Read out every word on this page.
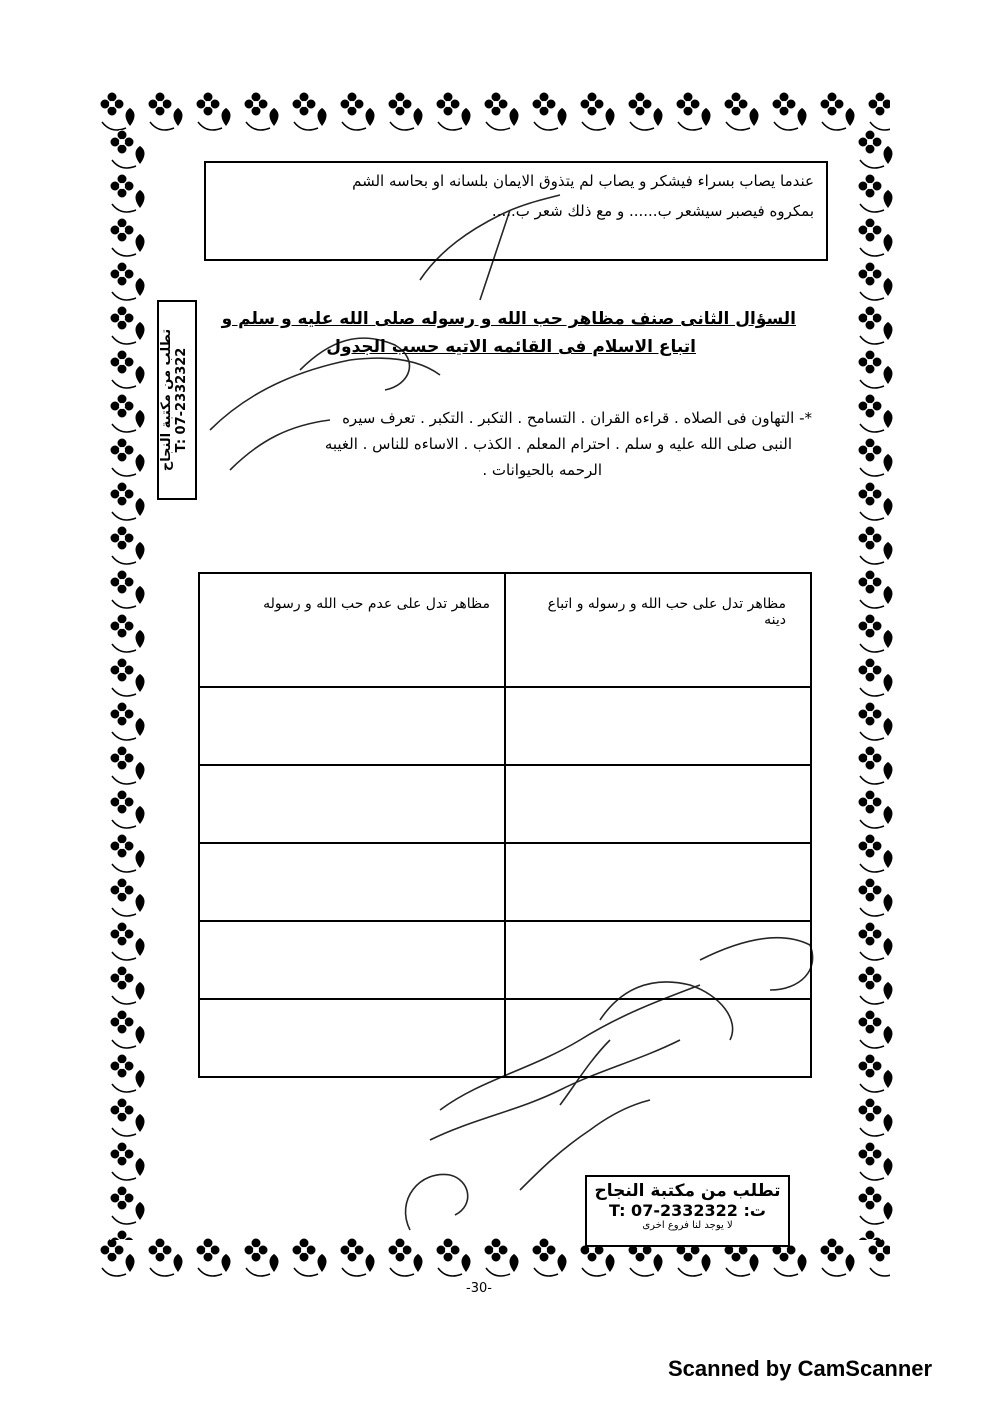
عندما يصاب بسراء فيشكر و يصاب لم يتذوق الايمان بلسانه او بحاسه الشم
بمكروه فيصبر سيشعر ب...... و مع ذلك شعر ب.....
السؤال الثانى صنف مظاهر حب الله و رسوله صلى الله عليه و سلم و
اتباع الاسلام فى القائمه الاتيه حسب الجدول
*- التهاون فى الصلاه . قراءه القران . التسامح . التكبر . التكبر . تعرف سيره
النبى صلى الله عليه و سلم . احترام المعلم . الكذب . الاساءه للناس . الغيبه
الرحمه بالحيوانات .
مظاهر تدل على عدم حب الله و رسوله	مظاهر تدل على حب الله و رسوله و اتباع دينه

تطلب من مكتبة النجاح T: 07-2332322
تطلب من مكتبة النجاح
T: 07-2332322 :ت
لا يوجد لنا فروع اخرى
-30-
Scanned by CamScanner
